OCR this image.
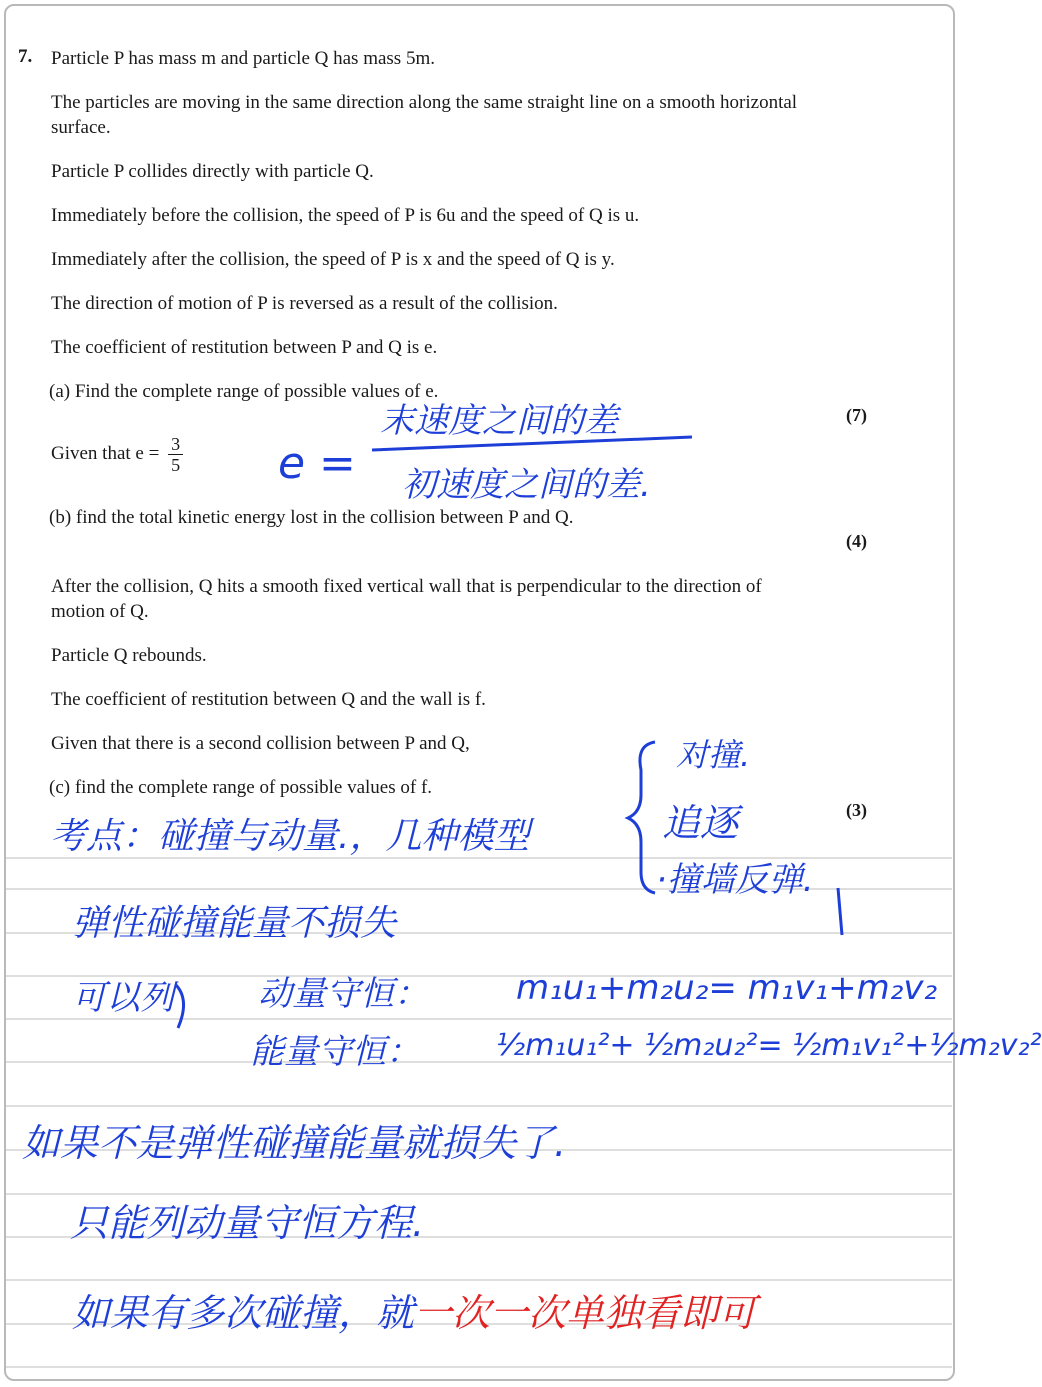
7. Particle P has mass m and particle Q has mass 5m.
The particles are moving in the same direction along the same straight line on a smooth horizontal surface.
Particle P collides directly with particle Q.
Immediately before the collision, the speed of P is 6u and the speed of Q is u.
Immediately after the collision, the speed of P is x and the speed of Q is y.
The direction of motion of P is reversed as a result of the collision.
The coefficient of restitution between P and Q is e.
(a) Find the complete range of possible values of e.
(7)
Given that $e = \frac{3}{5}$
(b) find the total kinetic energy lost in the collision between P and Q.
(4)
After the collision, Q hits a smooth fixed vertical wall that is perpendicular to the direction of motion of Q.
Particle Q rebounds.
The coefficient of restitution between Q and the wall is f.
Given that there is a second collision between P and Q,
(c) find the complete range of possible values of f.
(3)
e =
末速度之间的差
初速度之间的差.
考点：碰撞与动量.，几种模型
对撞.
追逐
·撞墙反弹.
弹性碰撞能量不损失
可以列 动量守恒：	m₁u₁+m₂u₂= m₁v₁+m₂v₂
能量守恒：	½m₁u₁²+ ½m₂u₂²= ½m₁v₁²+½m₂v₂²
如果不是弹性碰撞能量就损失了.
只能列动量守恒方程.
如果有多次碰撞，就一次一次单独看即可
